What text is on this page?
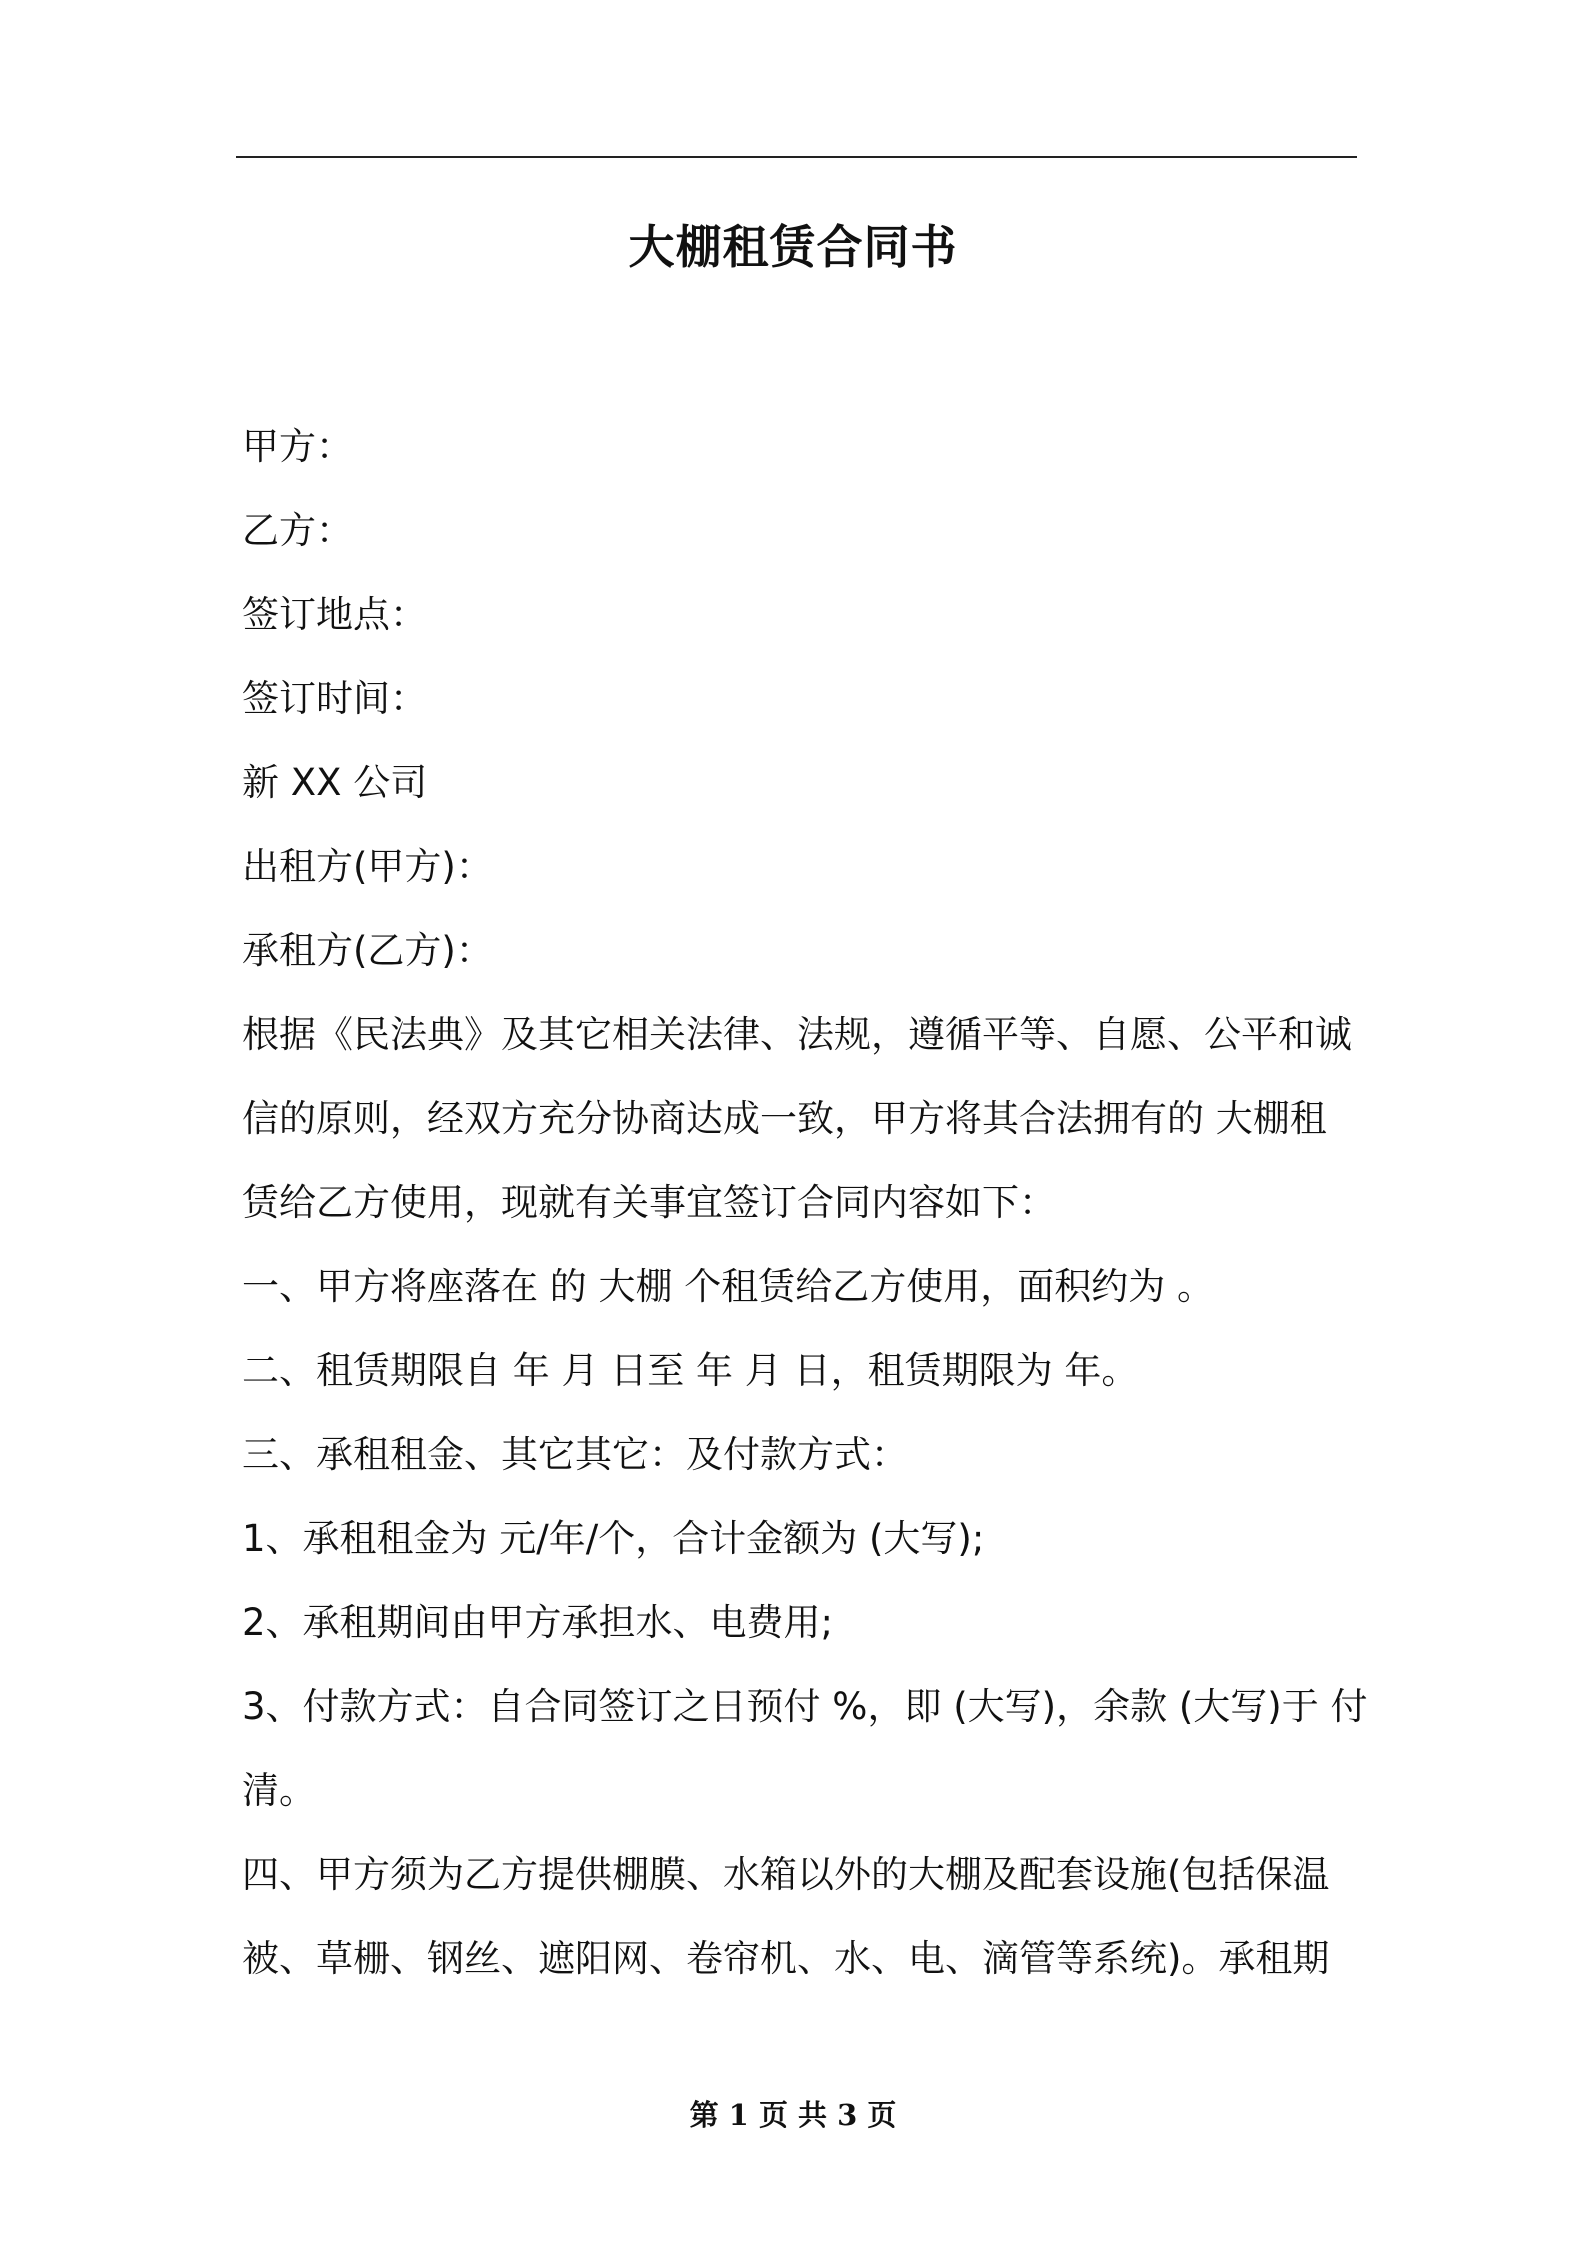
大棚租赁合同书
甲方：
乙方：
签订地点：
签订时间：
新 XX 公司
出租方(甲方)：
承租方(乙方)：
根据《民法典》及其它相关法律、法规，遵循平等、自愿、公平和诚
信的原则，经双方充分协商达成一致，甲方将其合法拥有的 大棚租
赁给乙方使用，现就有关事宜签订合同内容如下：
一、甲方将座落在 的 大棚 个租赁给乙方使用，面积约为 。
二、租赁期限自 年 月 日至 年 月 日，租赁期限为 年。
三、承租租金、其它其它：及付款方式：
1、承租租金为 元/年/个，合计金额为 (大写);
2、承租期间由甲方承担水、电费用;
3、付款方式：自合同签订之日预付 %，即 (大写)，余款 (大写)于 付
清。
四、甲方须为乙方提供棚膜、水箱以外的大棚及配套设施(包括保温
被、草栅、钢丝、遮阳网、卷帘机、水、电、滴管等系统)。承租期
第 1 页 共 3 页
